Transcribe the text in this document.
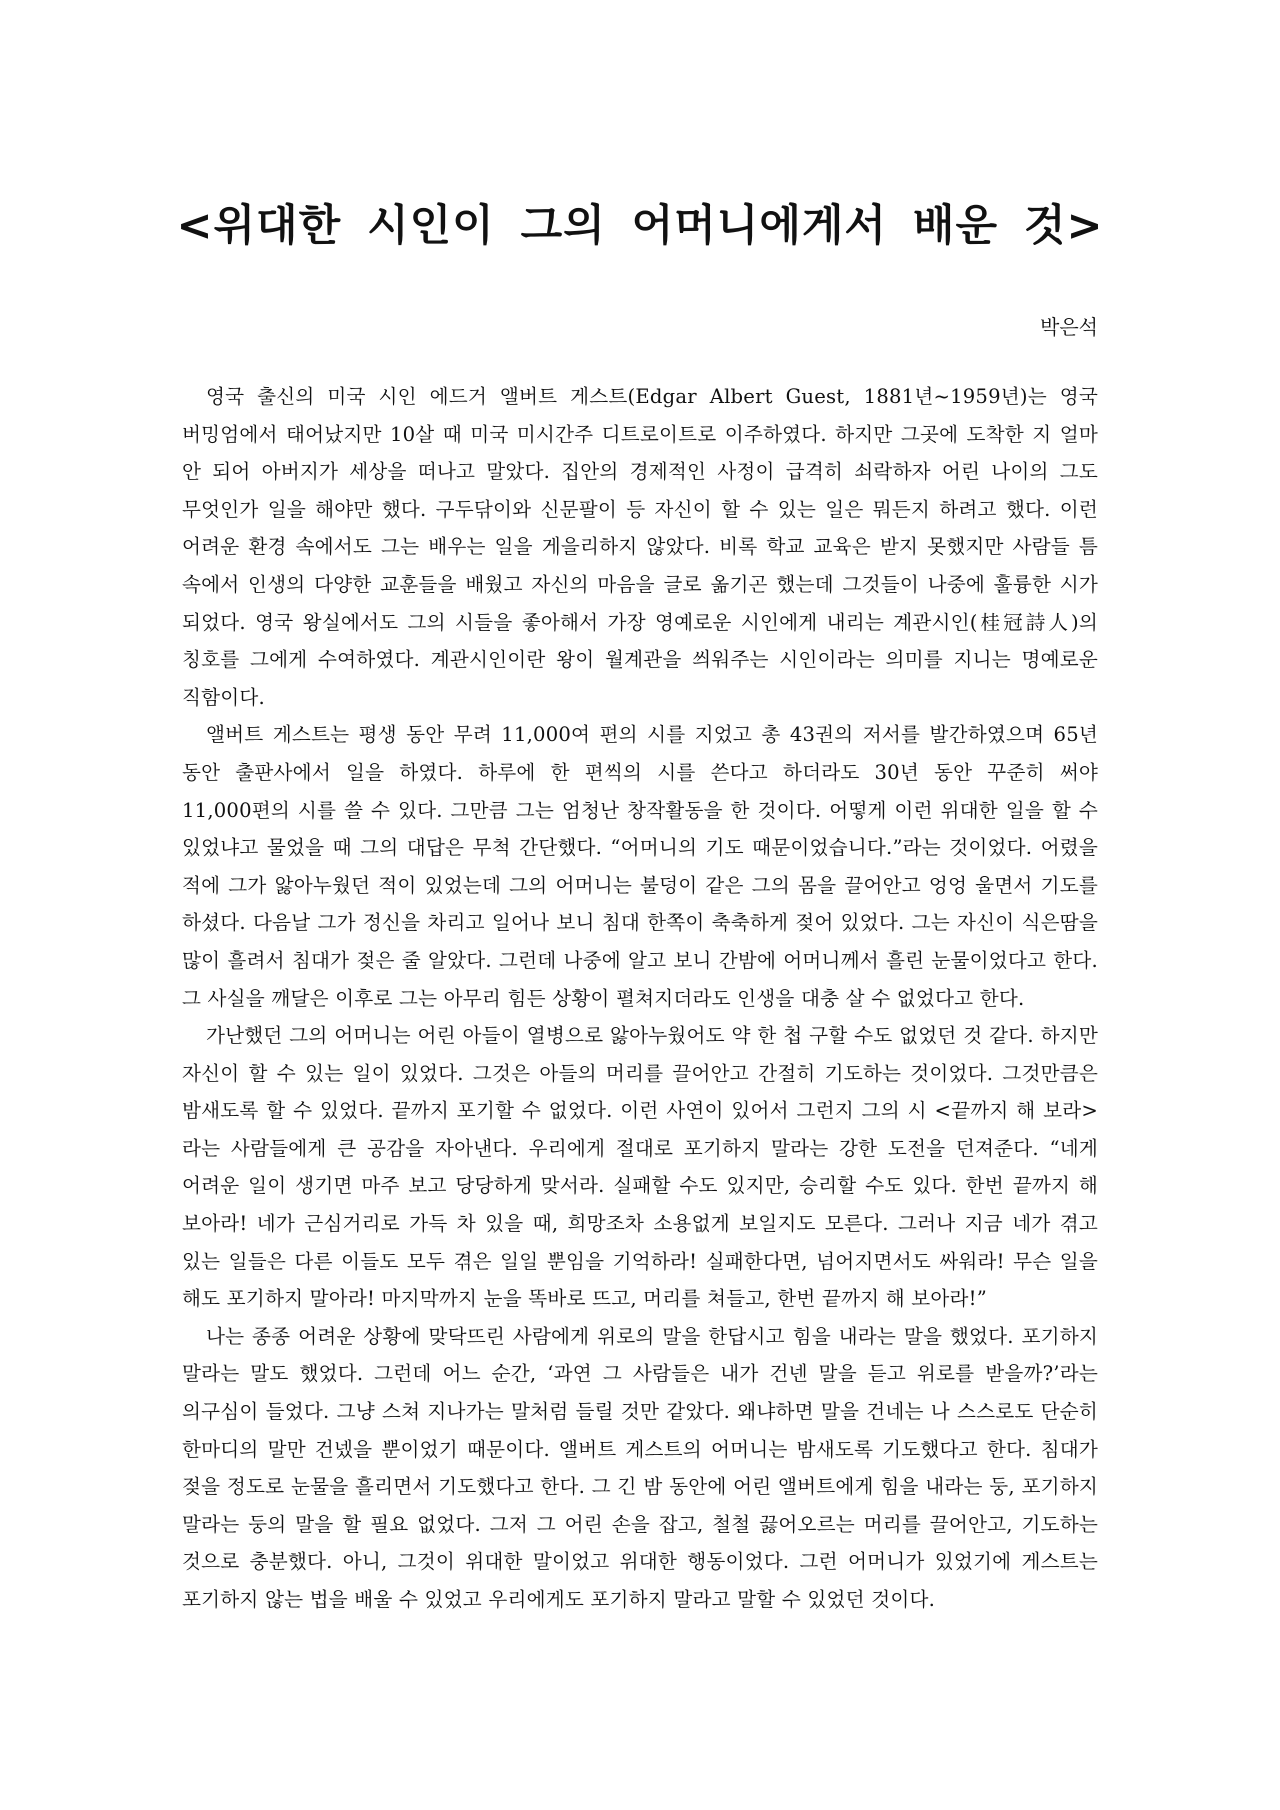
<위대한 시인이 그의 어머니에게서 배운 것>
박은석

영국 출신의 미국 시인 에드거 앨버트 게스트(Edgar Albert Guest, 1881년~1959년)는 영국 버밍엄에서 태어났지만 10살 때 미국 미시간주 디트로이트로 이주하였다. 하지만 그곳에 도착한 지 얼마 안 되어 아버지가 세상을 떠나고 말았다. 집안의 경제적인 사정이 급격히 쇠락하자 어린 나이의 그도 무엇인가 일을 해야만 했다. 구두닦이와 신문팔이 등 자신이 할 수 있는 일은 뭐든지 하려고 했다. 이런 어려운 환경 속에서도 그는 배우는 일을 게을리하지 않았다. 비록 학교 교육은 받지 못했지만 사람들 틈 속에서 인생의 다양한 교훈들을 배웠고 자신의 마음을 글로 옮기곤 했는데 그것들이 나중에 훌륭한 시가 되었다. 영국 왕실에서도 그의 시들을 좋아해서 가장 영예로운 시인에게 내리는 계관시인(桂冠詩人)의 칭호를 그에게 수여하였다. 계관시인이란 왕이 월계관을 씌워주는 시인이라는 의미를 지니는 명예로운 직함이다.

앨버트 게스트는 평생 동안 무려 11,000여 편의 시를 지었고 총 43권의 저서를 발간하였으며 65년 동안 출판사에서 일을 하였다. 하루에 한 편씩의 시를 쓴다고 하더라도 30년 동안 꾸준히 써야 11,000편의 시를 쓸 수 있다. 그만큼 그는 엄청난 창작활동을 한 것이다. 어떻게 이런 위대한 일을 할 수 있었냐고 물었을 때 그의 대답은 무척 간단했다. “어머니의 기도 때문이었습니다.”라는 것이었다. 어렸을 적에 그가 앓아누웠던 적이 있었는데 그의 어머니는 불덩이 같은 그의 몸을 끌어안고 엉엉 울면서 기도를 하셨다. 다음날 그가 정신을 차리고 일어나 보니 침대 한쪽이 축축하게 젖어 있었다. 그는 자신이 식은땀을 많이 흘려서 침대가 젖은 줄 알았다. 그런데 나중에 알고 보니 간밤에 어머니께서 흘린 눈물이었다고 한다. 그 사실을 깨달은 이후로 그는 아무리 힘든 상황이 펼쳐지더라도 인생을 대충 살 수 없었다고 한다.

가난했던 그의 어머니는 어린 아들이 열병으로 앓아누웠어도 약 한 첩 구할 수도 없었던 것 같다. 하지만 자신이 할 수 있는 일이 있었다. 그것은 아들의 머리를 끌어안고 간절히 기도하는 것이었다. 그것만큼은 밤새도록 할 수 있었다. 끝까지 포기할 수 없었다. 이런 사연이 있어서 그런지 그의 시 <끝까지 해 보라>라는 사람들에게 큰 공감을 자아낸다. 우리에게 절대로 포기하지 말라는 강한 도전을 던져준다. “네게 어려운 일이 생기면 마주 보고 당당하게 맞서라. 실패할 수도 있지만, 승리할 수도 있다. 한번 끝까지 해 보아라! 네가 근심거리로 가득 차 있을 때, 희망조차 소용없게 보일지도 모른다. 그러나 지금 네가 겪고 있는 일들은 다른 이들도 모두 겪은 일일 뿐임을 기억하라! 실패한다면, 넘어지면서도 싸워라! 무슨 일을 해도 포기하지 말아라! 마지막까지 눈을 똑바로 뜨고, 머리를 쳐들고, 한번 끝까지 해 보아라!”

나는 종종 어려운 상황에 맞닥뜨린 사람에게 위로의 말을 한답시고 힘을 내라는 말을 했었다. 포기하지 말라는 말도 했었다. 그런데 어느 순간, ‘과연 그 사람들은 내가 건넨 말을 듣고 위로를 받을까?’라는 의구심이 들었다. 그냥 스쳐 지나가는 말처럼 들릴 것만 같았다. 왜냐하면 말을 건네는 나 스스로도 단순히 한마디의 말만 건넸을 뿐이었기 때문이다. 앨버트 게스트의 어머니는 밤새도록 기도했다고 한다. 침대가 젖을 정도로 눈물을 흘리면서 기도했다고 한다. 그 긴 밤 동안에 어린 앨버트에게 힘을 내라는 둥, 포기하지 말라는 둥의 말을 할 필요 없었다. 그저 그 어린 손을 잡고, 철철 끓어오르는 머리를 끌어안고, 기도하는 것으로 충분했다. 아니, 그것이 위대한 말이었고 위대한 행동이었다. 그런 어머니가 있었기에 게스트는 포기하지 않는 법을 배울 수 있었고 우리에게도 포기하지 말라고 말할 수 있었던 것이다.
